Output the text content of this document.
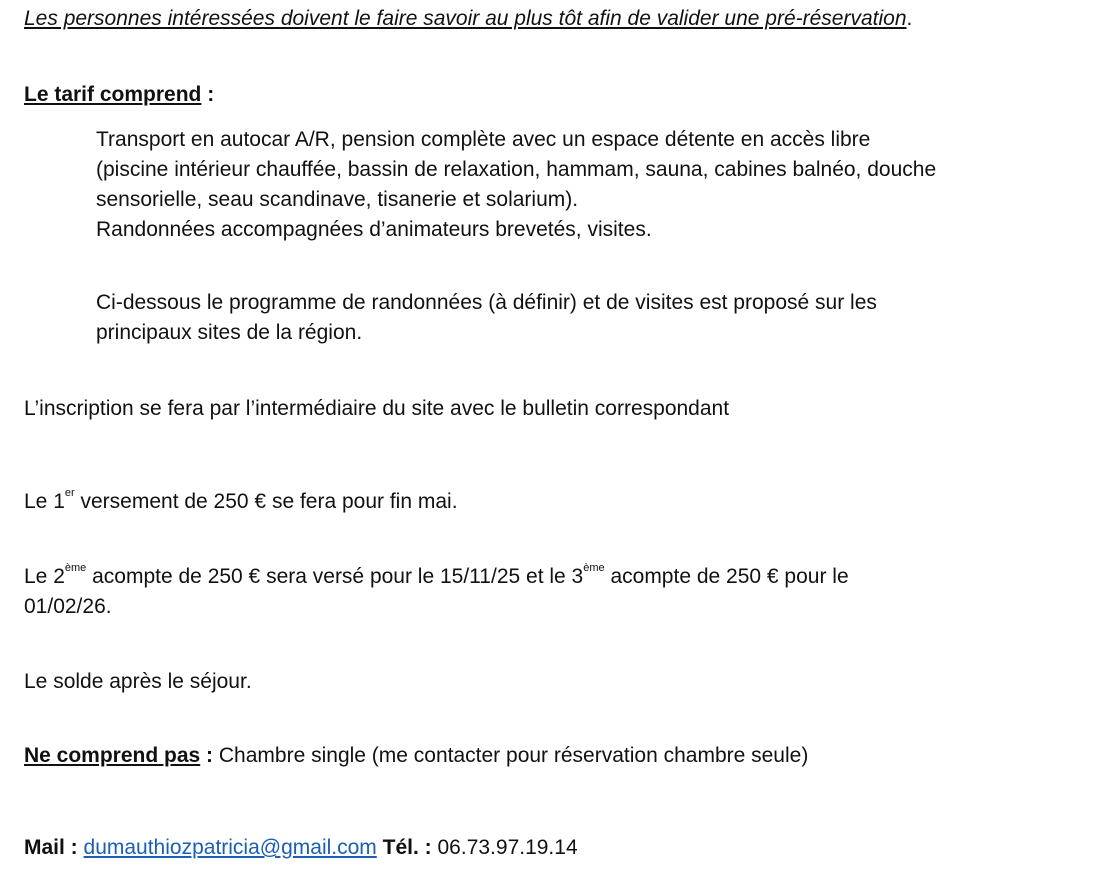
Les personnes intéressées doivent le faire savoir au plus tôt afin de valider une pré-réservation.
Le tarif comprend :
Transport en autocar A/R, pension complète avec un espace détente en accès libre
(piscine intérieur chauffée, bassin de relaxation, hammam, sauna, cabines balnéo, douche
sensorielle, seau scandinave, tisanerie et solarium).
Randonnées accompagnées d’animateurs brevetés, visites.
Ci-dessous le programme de randonnées (à définir) et de visites est proposé sur les
principaux sites de la région.
L’inscription se fera par l’intermédiaire du site avec le bulletin correspondant
Le 1er versement de 250 € se fera pour fin mai.
Le 2ème acompte de 250 € sera versé pour le 15/11/25 et le 3ème acompte de 250 € pour le
01/02/26.
Le solde après le séjour.
Ne comprend pas : Chambre single (me contacter pour réservation chambre seule)
Mail : dumauthiozpatricia@gmail.com Tél. : 06.73.97.19.14
